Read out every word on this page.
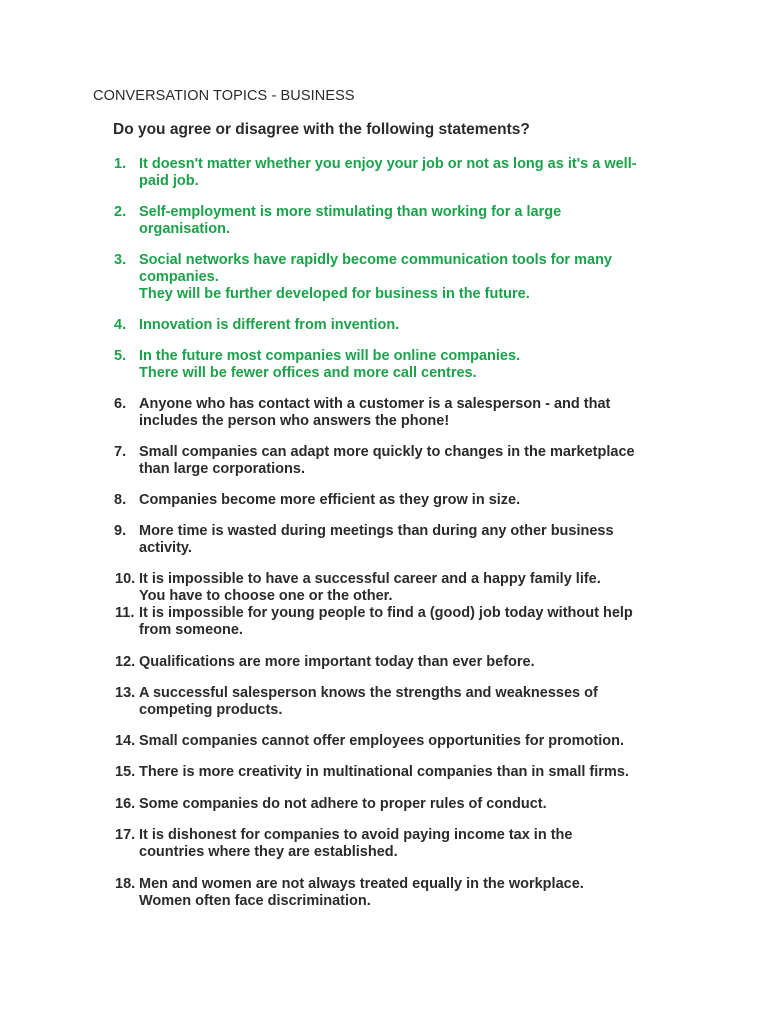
CONVERSATION TOPICS - BUSINESS
Do you agree or disagree with the following statements?
1. It doesn't matter whether you enjoy your job or not as long as it's a well-
paid job.
2. Self-employment is more stimulating than working for a large
organisation.
3. Social networks have rapidly become communication tools for many
companies.
They will be further developed for business in the future.
4. Innovation is different from invention.
5. In the future most companies will be online companies.
There will be fewer offices and more call centres.
6. Anyone who has contact with a customer is a salesperson - and that
includes the person who answers the phone!
7. Small companies can adapt more quickly to changes in the marketplace
than large corporations.
8. Companies become more efficient as they grow in size.
9. More time is wasted during meetings than during any other business
activity.
10. It is impossible to have a successful career and a happy family life.
You have to choose one or the other.
11. It is impossible for young people to find a (good) job today without help
from someone.
12. Qualifications are more important today than ever before.
13. A successful salesperson knows the strengths and weaknesses of
competing products.
14. Small companies cannot offer employees opportunities for promotion.
15. There is more creativity in multinational companies than in small firms.
16. Some companies do not adhere to proper rules of conduct.
17. It is dishonest for companies to avoid paying income tax in the
countries where they are established.
18. Men and women are not always treated equally in the workplace.
Women often face discrimination.
